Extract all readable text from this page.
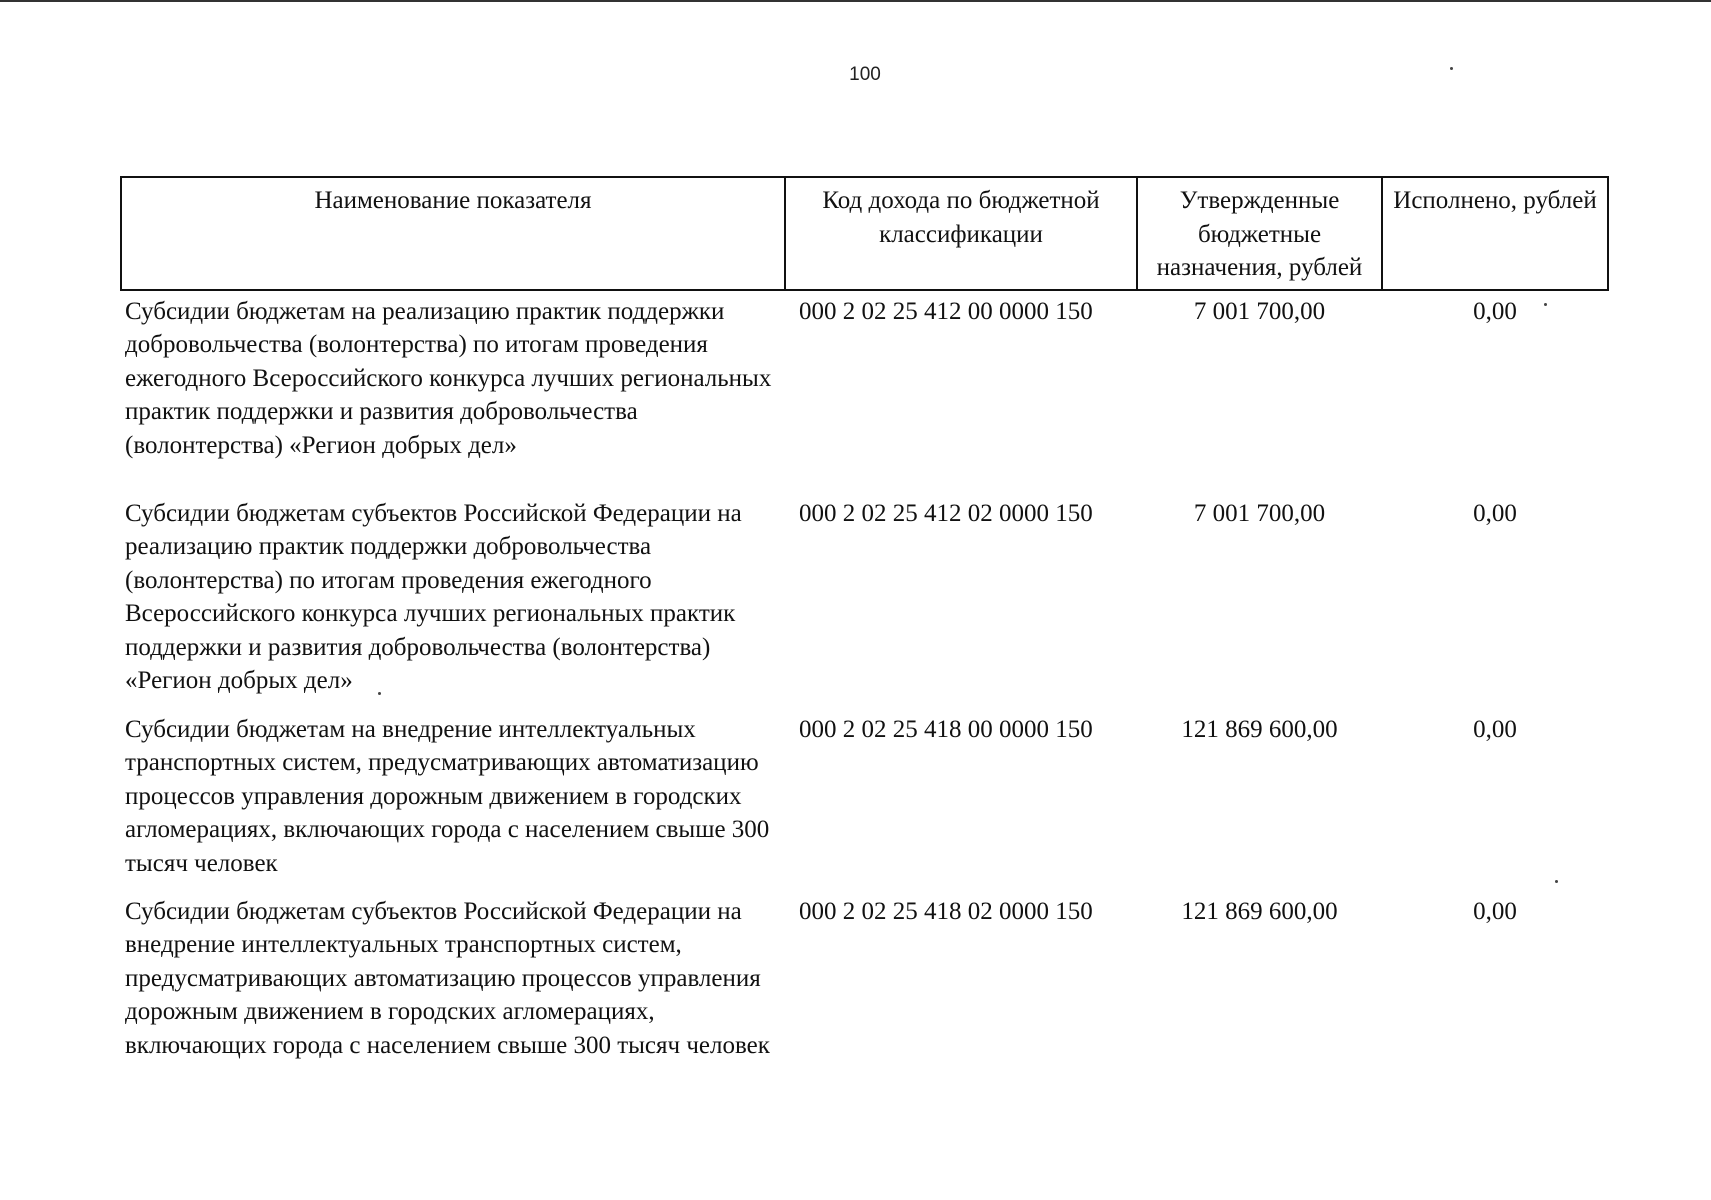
100
Наименование показателя	Код дохода по бюджетной классификации	Утвержденные бюджетные назначения, рублей	Исполнено, рублей
Субсидии бюджетам на реализацию практик поддержки добровольчества (волонтерства) по итогам проведения ежегодного Всероссийского конкурса лучших региональных практик поддержки и развития добровольчества (волонтерства) «Регион добрых дел»	000 2 02 25 412 00 0000 150	7 001 700,00	0,00
Субсидии бюджетам субъектов Российской Федерации на реализацию практик поддержки добровольчества (волонтерства) по итогам проведения ежегодного Всероссийского конкурса лучших региональных практик поддержки и развития добровольчества (волонтерства) «Регион добрых дел»	000 2 02 25 412 02 0000 150	7 001 700,00	0,00
Субсидии бюджетам на внедрение интеллектуальных транспортных систем, предусматривающих автоматизацию процессов управления дорожным движением в городских агломерациях, включающих города с населением свыше 300 тысяч человек	000 2 02 25 418 00 0000 150	121 869 600,00	0,00
Субсидии бюджетам субъектов Российской Федерации на внедрение интеллектуальных транспортных систем, предусматривающих автоматизацию процессов управления дорожным движением в городских агломерациях, включающих города с населением свыше 300 тысяч человек	000 2 02 25 418 02 0000 150	121 869 600,00	0,00
